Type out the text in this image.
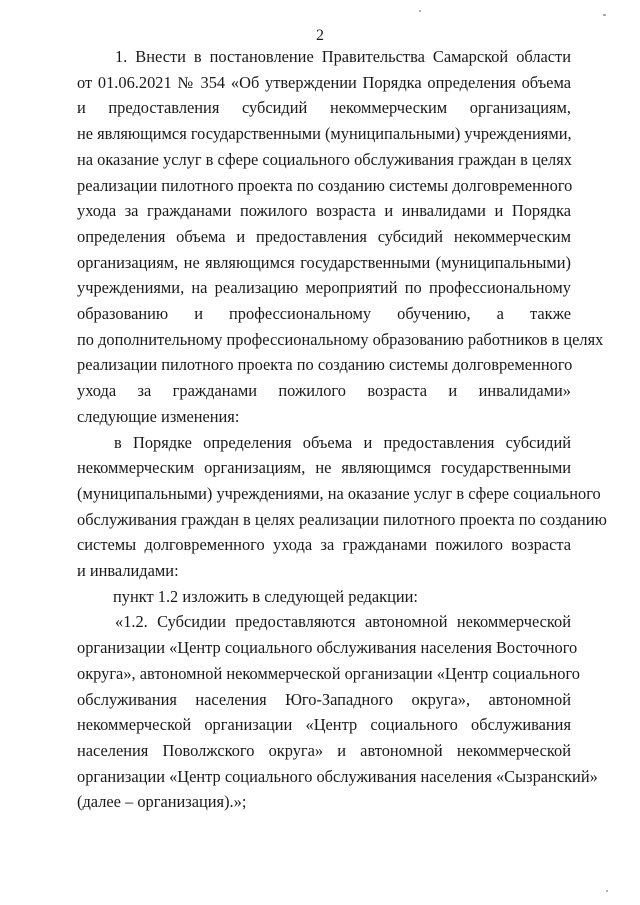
2
1. Внести в постановление Правительства Самарской области
от 01.06.2021 № 354 «Об утверждении Порядка определения объема
и предоставления субсидий некоммерческим организациям,
не являющимся государственными (муниципальными) учреждениями,
на оказание услуг в сфере социального обслуживания граждан в целях
реализации пилотного проекта по созданию системы долговременного
ухода за гражданами пожилого возраста и инвалидами и Порядка
определения объема и предоставления субсидий некоммерческим
организациям, не являющимся государственными (муниципальными)
учреждениями, на реализацию мероприятий по профессиональному
образованию и профессиональному обучению, а также
по дополнительному профессиональному образованию работников в целях
реализации пилотного проекта по созданию системы долговременного
ухода за гражданами пожилого возраста и инвалидами»
следующие изменения:
в Порядке определения объема и предоставления субсидий
некоммерческим организациям, не являющимся государственными
(муниципальными) учреждениями, на оказание услуг в сфере социального
обслуживания граждан в целях реализации пилотного проекта по созданию
системы долговременного ухода за гражданами пожилого возраста
и инвалидами:
пункт 1.2 изложить в следующей редакции:
«1.2. Субсидии предоставляются автономной некоммерческой
организации «Центр социального обслуживания населения Восточного
округа», автономной некоммерческой организации «Центр социального
обслуживания населения Юго-Западного округа», автономной
некоммерческой организации «Центр социального обслуживания
населения Поволжского округа» и автономной некоммерческой
организации «Центр социального обслуживания населения «Сызранский»
(далее – организация).»;
